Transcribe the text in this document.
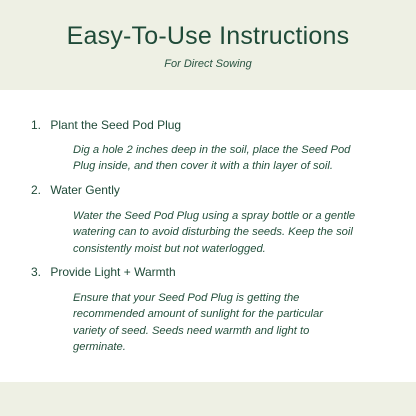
Easy-To-Use Instructions
For Direct Sowing
1. Plant the Seed Pod Plug
Dig a hole 2 inches deep in the soil, place the Seed Pod
Plug inside, and then cover it with a thin layer of soil.
2. Water Gently
Water the Seed Pod Plug using a spray bottle or a gentle
watering can to avoid disturbing the seeds. Keep the soil
consistently moist but not waterlogged.
3. Provide Light + Warmth
Ensure that your Seed Pod Plug is getting the
recommended amount of sunlight for the particular
variety of seed. Seeds need warmth and light to
germinate.
